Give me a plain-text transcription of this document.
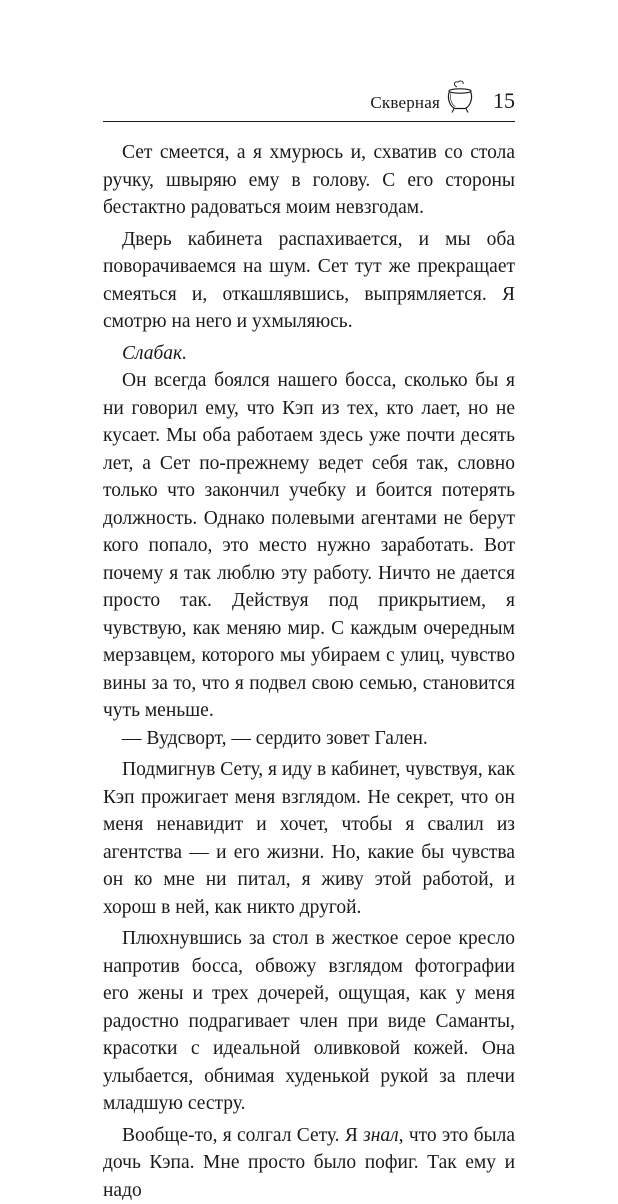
Скверная 15

Сет смеется, а я хмурюсь и, схватив со стола ручку, швыряю ему в голову. С его стороны бестактно радоваться моим невзгодам.

Дверь кабинета распахивается, и мы оба поворачиваемся на шум. Сет тут же прекращает смеяться и, откашлявшись, выпрямляется. Я смотрю на него и ухмыляюсь.

Слабак.

Он всегда боялся нашего босса, сколько бы я ни говорил ему, что Кэп из тех, кто лает, но не кусает. Мы оба работаем здесь уже почти десять лет, а Сет по-прежнему ведет себя так, словно только что закончил учебку и боится потерять должность. Однако полевыми агентами не берут кого попало, это место нужно заработать. Вот почему я так люблю эту работу. Ничто не дается просто так. Действуя под прикрытием, я чувствую, как меняю мир. С каждым очередным мерзавцем, которого мы убираем с улиц, чувство вины за то, что я подвел свою семью, становится чуть меньше.

— Вудсворт, — сердито зовет Гален.

Подмигнув Сету, я иду в кабинет, чувствуя, как Кэп прожигает меня взглядом. Не секрет, что он меня ненавидит и хочет, чтобы я свалил из агентства — и его жизни. Но, какие бы чувства он ко мне ни питал, я живу этой работой, и хорош в ней, как никто другой.

Плюхнувшись за стол в жесткое серое кресло напротив босса, обвожу взглядом фотографии его жены и трех дочерей, ощущая, как у меня радостно подрагивает член при виде Саманты, красотки с идеальной оливковой кожей. Она улыбается, обнимая худенькой рукой за плечи младшую сестру.

Вообще-то, я солгал Сету. Я знал, что это была дочь Кэпа. Мне просто было пофиг. Так ему и надо
